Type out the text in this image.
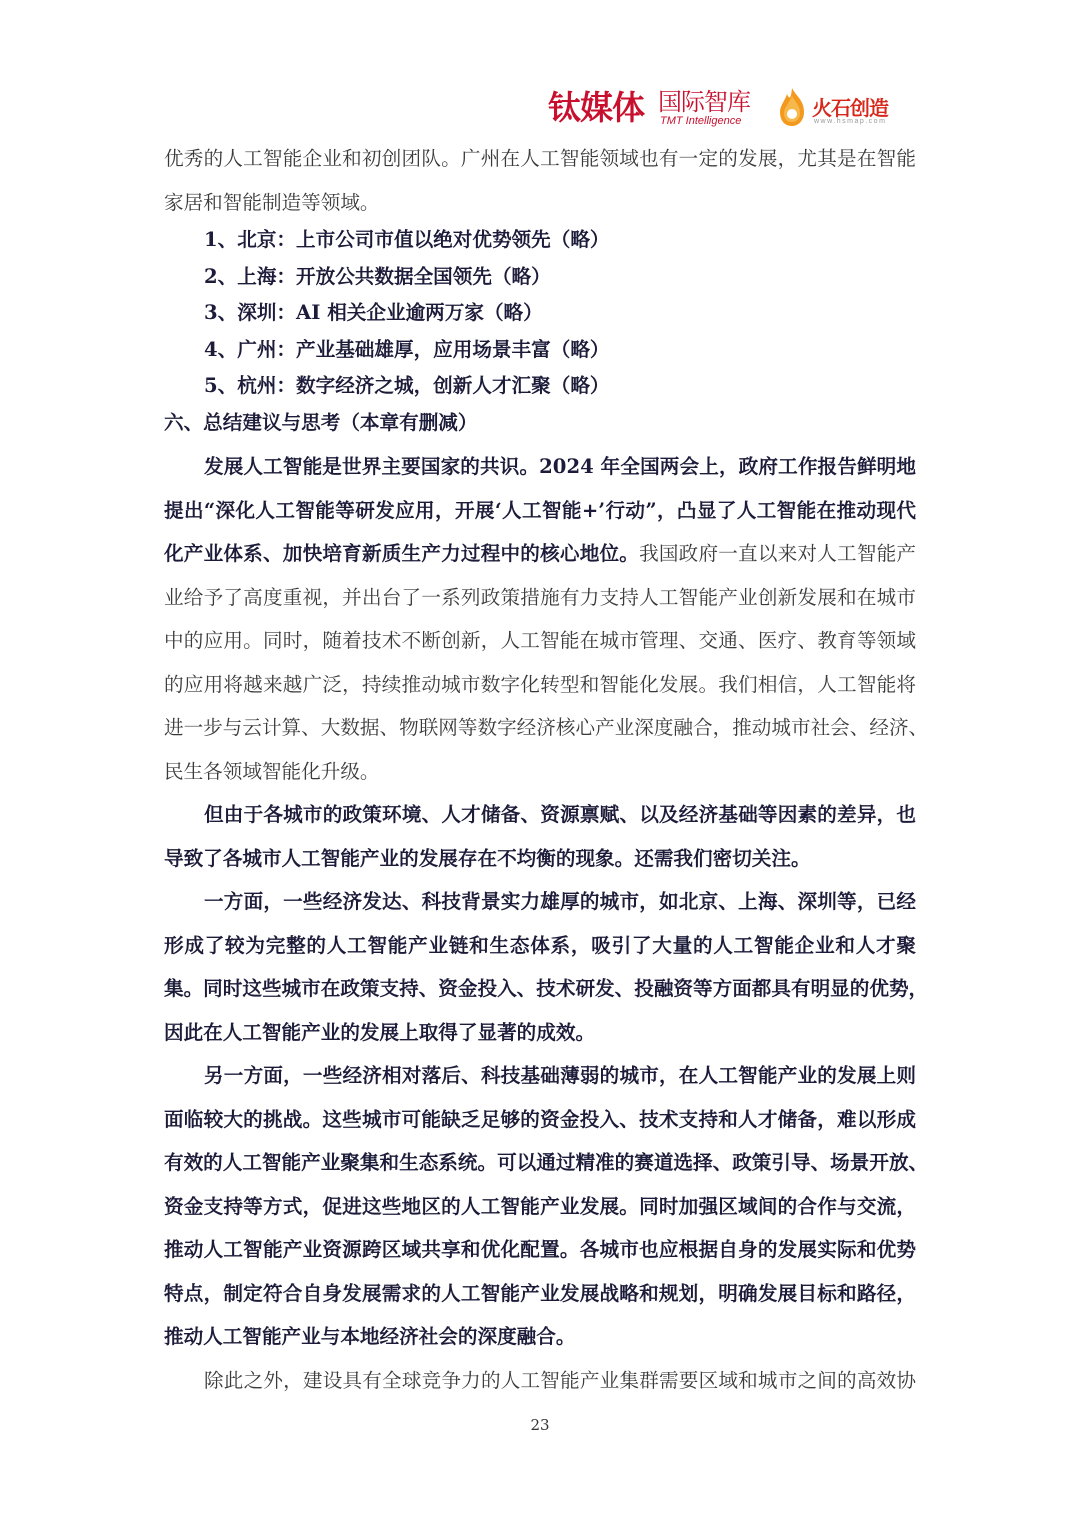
钛媒体 国际智库
TMT Intelligence
火石创造
www.hsmap.com
优秀的人工智能企业和初创团队。广州在人工智能领域也有一定的发展，尤其是在智能
家居和智能制造等领域。
1、北京：上市公司市值以绝对优势领先（略）
2、上海：开放公共数据全国领先（略）
3、深圳：AI 相关企业逾两万家（略）
4、广州：产业基础雄厚，应用场景丰富（略）
5、杭州：数字经济之城，创新人才汇聚（略）
六、总结建议与思考（本章有删减）
发展人工智能是世界主要国家的共识。2024 年全国两会上，政府工作报告鲜明地
提出“深化人工智能等研发应用，开展‘人工智能+’行动”，凸显了人工智能在推动现代
化产业体系、加快培育新质生产力过程中的核心地位。我国政府一直以来对人工智能产
业给予了高度重视，并出台了一系列政策措施有力支持人工智能产业创新发展和在城市
中的应用。同时，随着技术不断创新，人工智能在城市管理、交通、医疗、教育等领域
的应用将越来越广泛，持续推动城市数字化转型和智能化发展。我们相信，人工智能将
进一步与云计算、大数据、物联网等数字经济核心产业深度融合，推动城市社会、经济、
民生各领域智能化升级。
但由于各城市的政策环境、人才储备、资源禀赋、以及经济基础等因素的差异，也
导致了各城市人工智能产业的发展存在不均衡的现象。还需我们密切关注。
一方面，一些经济发达、科技背景实力雄厚的城市，如北京、上海、深圳等，已经
形成了较为完整的人工智能产业链和生态体系，吸引了大量的人工智能企业和人才聚
集。同时这些城市在政策支持、资金投入、技术研发、投融资等方面都具有明显的优势，
因此在人工智能产业的发展上取得了显著的成效。
另一方面，一些经济相对落后、科技基础薄弱的城市，在人工智能产业的发展上则
面临较大的挑战。这些城市可能缺乏足够的资金投入、技术支持和人才储备，难以形成
有效的人工智能产业聚集和生态系统。可以通过精准的赛道选择、政策引导、场景开放、
资金支持等方式，促进这些地区的人工智能产业发展。同时加强区域间的合作与交流，
推动人工智能产业资源跨区域共享和优化配置。各城市也应根据自身的发展实际和优势
特点，制定符合自身发展需求的人工智能产业发展战略和规划，明确发展目标和路径，
推动人工智能产业与本地经济社会的深度融合。
除此之外，建设具有全球竞争力的人工智能产业集群需要区域和城市之间的高效协
23
